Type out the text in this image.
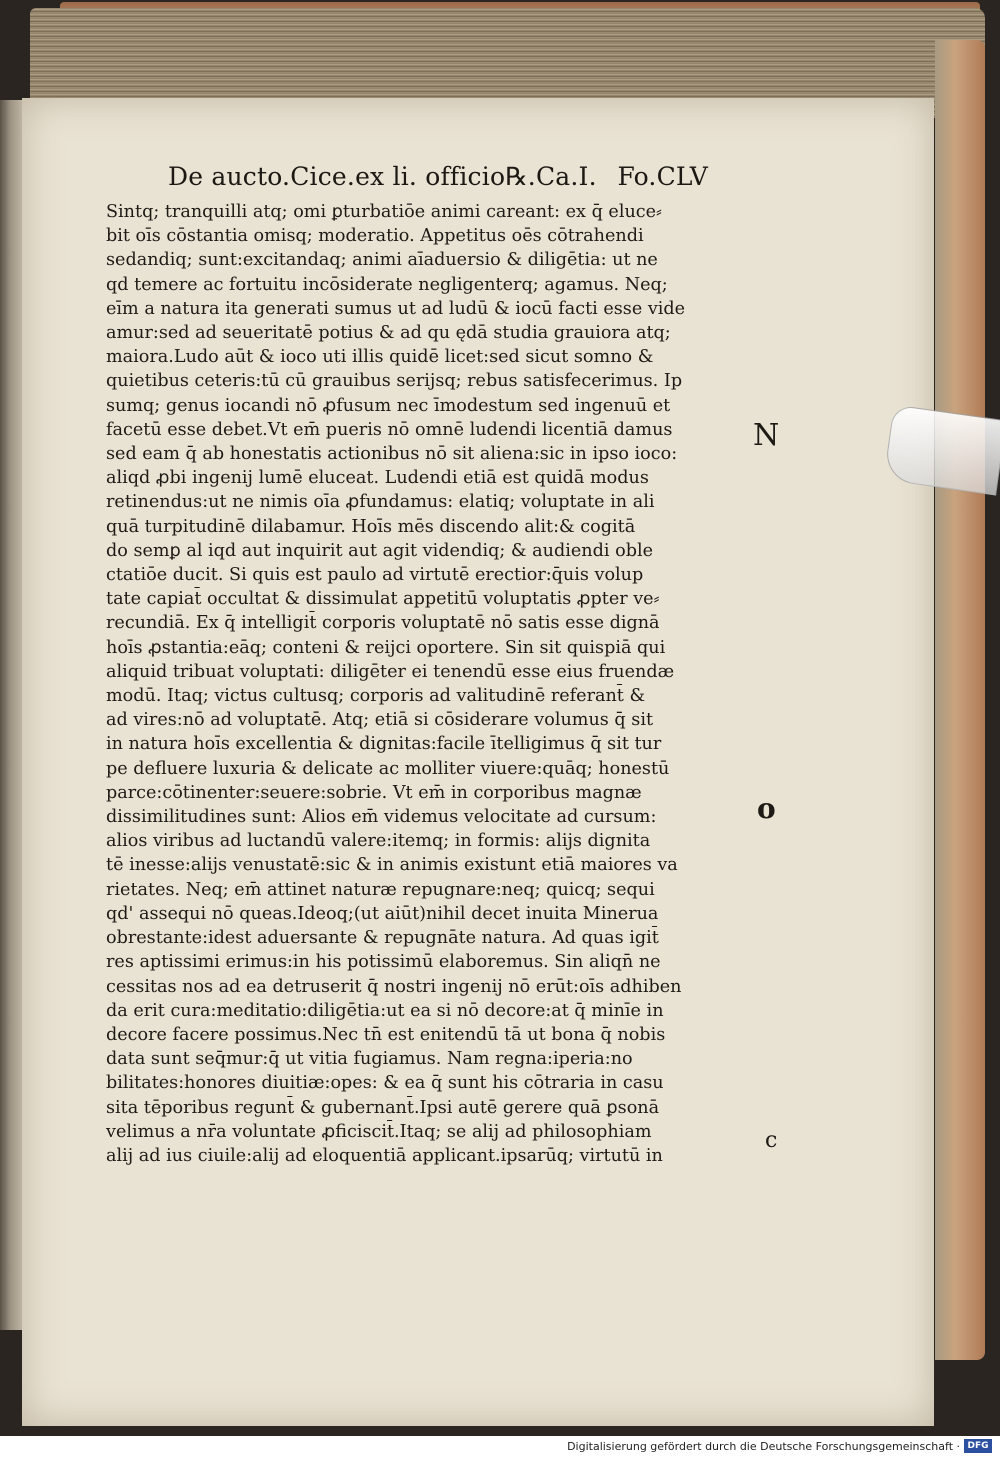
De aucto.Cice.ex li. officio℞.Ca.I. Fo.CLV
Sintq; tranquilli atq; omi ꝑturbatiōe animi careant: ex q̄ eluce⸗
bit oīs cōstantia omisq; moderatio. Appetitus oēs cōtrahendi
sedandiq; sunt:excitandaq; animi aīaduersio & diligētia: ut ne
qd temere ac fortuitu incōsiderate negligenterq; agamus. Neq;
eīm a natura ita generati sumus ut ad ludū & iocū facti esse vide
amur:sed ad seueritatē potius & ad qu ędā studia grauiora atq;
maiora.Ludo aūt & ioco uti illis quidē licet:sed sicut somno &
quietibus ceteris:tū cū grauibus serijsq; rebus satisfecerimus. Ip
sumq; genus iocandi nō ꝓfusum nec īmodestum sed ingenuū et
facetū esse debet.Vt em̄ pueris nō omnē ludendi licentiā damus
sed eam q̄ ab honestatis actionibus nō sit aliena:sic in ipso ioco:
aliqd ꝓbi ingenij lumē eluceat. Ludendi etiā est quidā modus
retinendus:ut ne nimis oīa ꝓfundamus: elatiq; voluptate in ali
quā turpitudinē dilabamur. Hoīs mēs discendo alit:& cogitā
do semꝑ al iqd aut inquirit aut agit videndiq; & audiendi oble
ctatiōe ducit. Si quis est paulo ad virtutē erectior:q̄uis volup
tate capiat̄ occultat & dissimulat appetitū voluptatis ꝓpter ve⸗
recundiā. Ex q̄ intelligit̄ corporis voluptatē nō satis esse dignā
hoīs ꝓstantia:eāq; conteni & reijci oportere. Sin sit quispiā qui
aliquid tribuat voluptati: diligēter ei tenendū esse eius fruendæ
modū. Itaq; victus cultusq; corporis ad valitudinē referant̄ &
ad vires:nō ad voluptatē. Atq; etiā si cōsiderare volumus q̄ sit
in natura hoīs excellentia & dignitas:facile ītelligimus q̄ sit tur
pe defluere luxuria & delicate ac molliter viuere:quāq; honestū
parce:cōtinenter:seuere:sobrie. Vt em̄ in corporibus magnæ
dissimilitudines sunt: Alios em̄ videmus velocitate ad cursum:
alios viribus ad luctandū valere:itemq; in formis: alijs dignita
tē inesse:alijs venustatē:sic & in animis existunt etiā maiores va
rietates. Neq; em̄ attinet naturæ repugnare:neq; quicq; sequi
qd' assequi nō queas.Ideoq;(ut aiūt)nihil decet inuita Minerua
obrestante:idest aduersante & repugnāte natura. Ad quas igit̄
res aptissimi erimus:in his potissimū elaboremus. Sin aliqn̄ ne
cessitas nos ad ea detruserit q̄ nostri ingenij nō erūt:oīs adhiben
da erit cura:meditatio:diligētia:ut ea si nō decore:at q̄ minīe in
decore facere possimus.Nec tn̄ est enitendū tā ut bona q̄ nobis
data sunt seq̄mur:q̄ ut vitia fugiamus. Nam regna:iperia:no
bilitates:honores diuitiæ:opes: & ea q̄ sunt his cōtraria in casu
sita tēporibus regunt̄ & gubernant̄.Ipsi autē gerere quā ꝑsonā
velimus a nr̄a voluntate ꝓficiscit̄.Itaq; se alij ad philosophiam
alij ad ius ciuile:alij ad eloquentiā applicant.ipsarūq; virtutū in
N
o
c
Digitalisierung gefördert durch die Deutsche Forschungsgemeinschaft · DFG
